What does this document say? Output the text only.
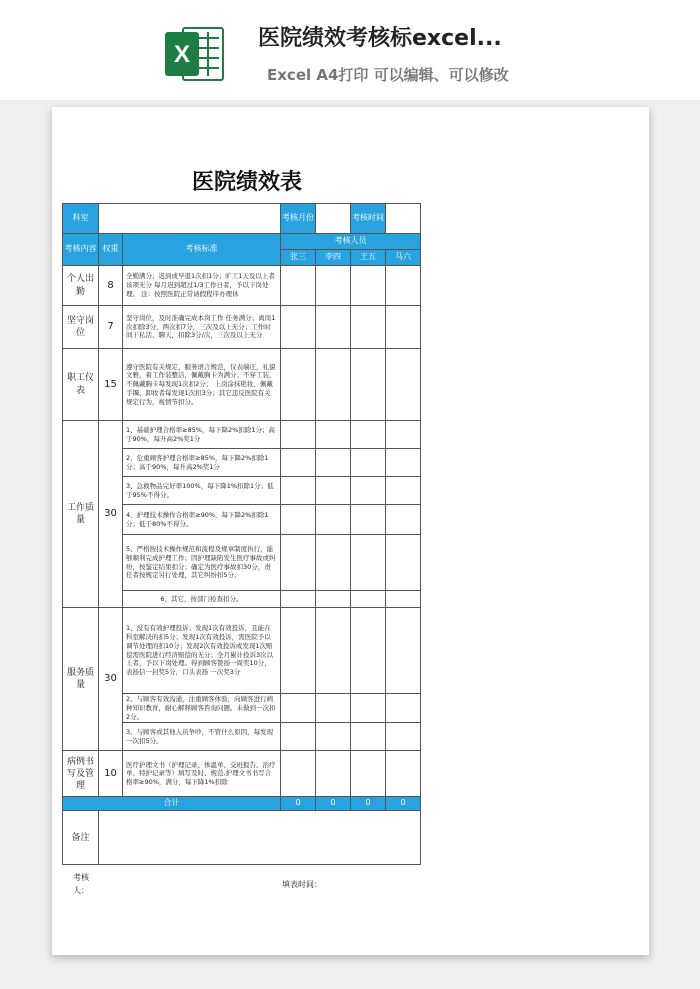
X
医院绩效考核标excel...
Excel A4打印 可以编辑、可以修改
医院绩效表
科室			考核月份		考核时间	
考核内容	权重	考核标准	考核人员			
			张三	李四	王五	马六
个人出勤	8	全勤满分；迟到或早退1次扣1分；旷工1天及以上者该项无分 每月迟到超过1/3工作日者，予以下岗处理。 注：按照医院正常请假程序办理休				
坚守岗位	7	坚守岗位，及时准确完成本岗工作 任务满分；离岗1次扣除3分，两次扣7分，三次及以上无分；工作时 间干私活、聊天，扣除3分/次，三次及以上无分				
职工仪表	15	遵守医院有关规定，服务语言规范，仪表端庄，礼貌文雅，着工作装整洁，佩戴胸卡为满分；不穿工装，不佩戴胸卡每发现1次扣2分； 上岗涂抹艳妆、佩戴手镯、卸妆者每发现1次扣3分；其它违反医院有关规定行为，视情节扣分。				
工作质量	30	1、基础护理合格率≥85%，每下降2%扣除1分；高于90%，每升高2%奖1分				
		2、危重顾客护理合格率≥85%，每下降2%扣除1分；高于90%，每升高2%奖1分				
		3、急救物品完好率100%，每下降1%扣除1分；低于95%不得分。				
		4、护理技术操作合格率≥90%，每下降2%扣除1分；低于80%不得分。				
		5、严格按技术操作规范和流程及规章制度执行，能够顺利完成护理工作；因护理缺陷发生医疗事故或纠纷，按鉴定结果扣分；确定为医疗事故扣30分，责任者按规定另行处理，其它纠纷扣5分。				
		6、其它，按部门检查扣分。				
服务质量	30	1、没有有效护理投诉；发现1次有效投诉，且能在科室解决的扣5分；发现1次有效投诉，需医院予以调节处理的扣10分；发现2次有效投诉或发现1次赔偿需医院进行经济赔偿的无分；全月累计投诉3次以上者，予以下岗处理。得到顾客赞扬一周奖10分，表扬信一封奖5分，口头表扬 一次奖3分				
		2、与顾客有效沟通，注重顾客体验，向顾客进行病种知识教育，耐心解释顾客咨询问题。未做到一次扣2分。				
		3、与顾客或其他人员争吵，不管什么原因，每发现一次扣5分。				
病例书写及管理	10	医疗护理文书（护理记录、体温单、交班报告、治疗单、特护记录等）填写及时、规范,护理文书书写合格率≥90%，满分，每下降1%扣除				
合计			0	0	0	0
备注						
考核人：
填表时间：
